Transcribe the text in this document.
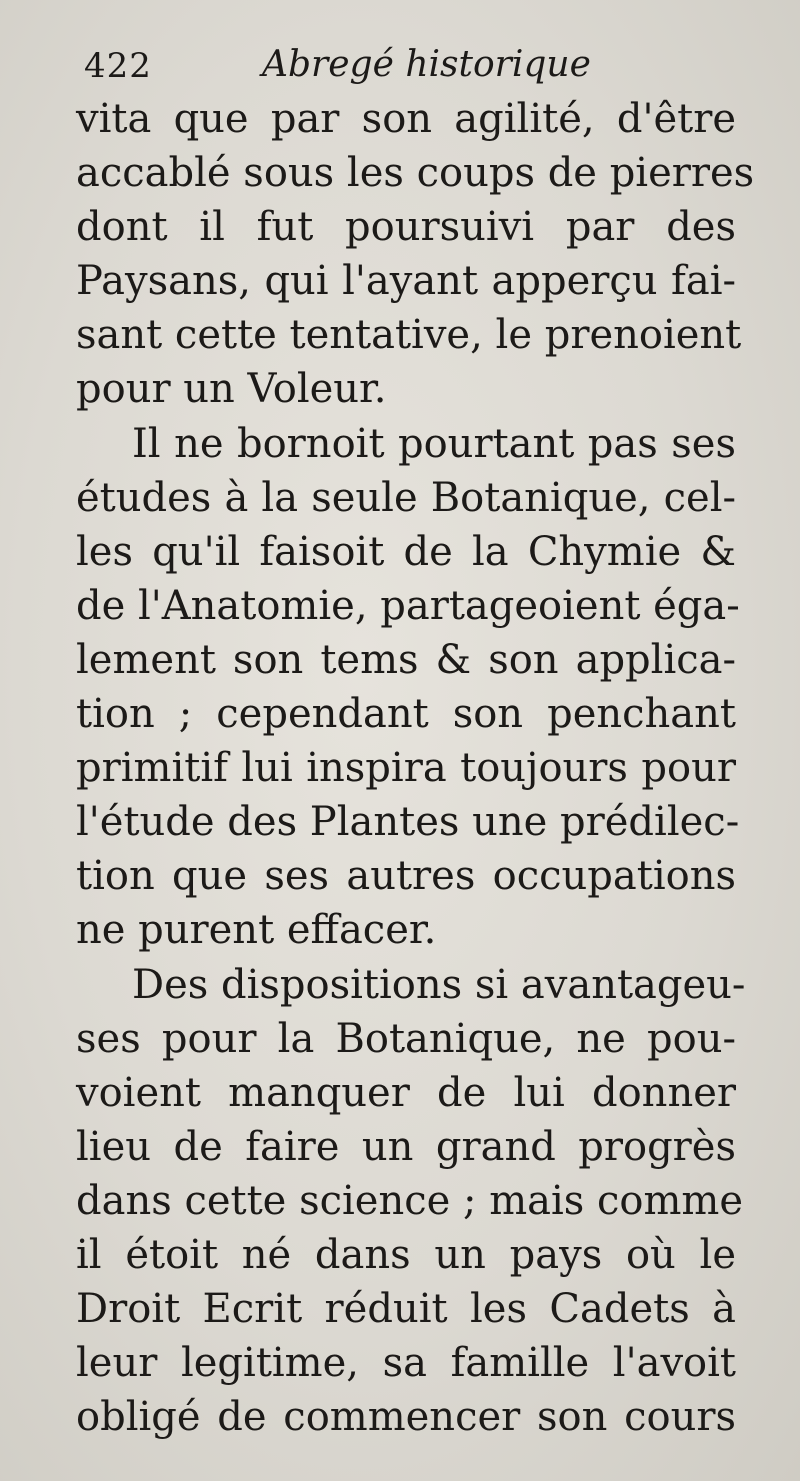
422	Abregé historique
vita que par son agilité, d'être
accablé sous les coups de pierres
dont il fut poursuivi par des
Paysans, qui l'ayant apperçu fai-
sant cette tentative, le prenoient
pour un Voleur.
Il ne bornoit pourtant pas ses
études à la seule Botanique, cel-
les qu'il faisoit de la Chymie &
de l'Anatomie, partageoient éga-
lement son tems & son applica-
tion ; cependant son penchant
primitif lui inspira toujours pour
l'étude des Plantes une prédilec-
tion que ses autres occupations
ne purent effacer.
Des dispositions si avantageu-
ses pour la Botanique, ne pou-
voient manquer de lui donner
lieu de faire un grand progrès
dans cette science ; mais comme
il étoit né dans un pays où le
Droit Ecrit réduit les Cadets à
leur legitime, sa famille l'avoit
obligé de commencer son cours
